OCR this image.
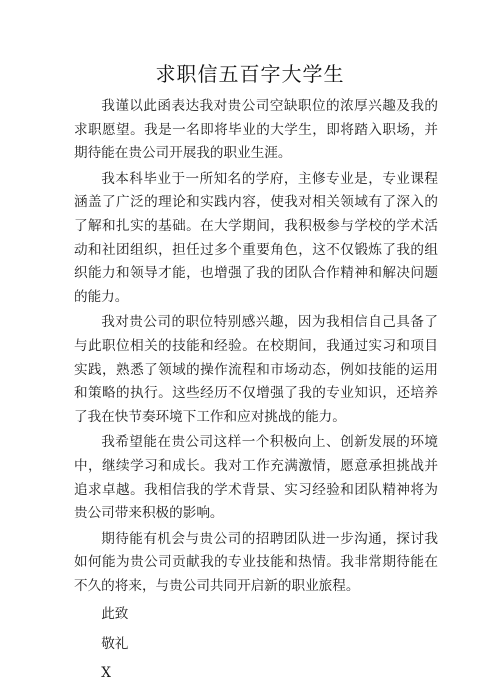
求职信五百字大学生

我谨以此函表达我对贵公司空缺职位的浓厚兴趣及我的求职愿望。我是一名即将毕业的大学生，即将踏入职场，并期待能在贵公司开展我的职业生涯。

我本科毕业于一所知名的学府，主修专业是，专业课程涵盖了广泛的理论和实践内容，使我对相关领域有了深入的了解和扎实的基础。在大学期间，我积极参与学校的学术活动和社团组织，担任过多个重要角色，这不仅锻炼了我的组织能力和领导才能，也增强了我的团队合作精神和解决问题的能力。

我对贵公司的职位特别感兴趣，因为我相信自己具备了与此职位相关的技能和经验。在校期间，我通过实习和项目实践，熟悉了领域的操作流程和市场动态，例如技能的运用和策略的执行。这些经历不仅增强了我的专业知识，还培养了我在快节奏环境下工作和应对挑战的能力。

我希望能在贵公司这样一个积极向上、创新发展的环境中，继续学习和成长。我对工作充满激情，愿意承担挑战并追求卓越。我相信我的学术背景、实习经验和团队精神将为贵公司带来积极的影响。

期待能有机会与贵公司的招聘团队进一步沟通，探讨我如何能为贵公司贡献我的专业技能和热情。我非常期待能在不久的将来，与贵公司共同开启新的职业旅程。

此致

敬礼

X
